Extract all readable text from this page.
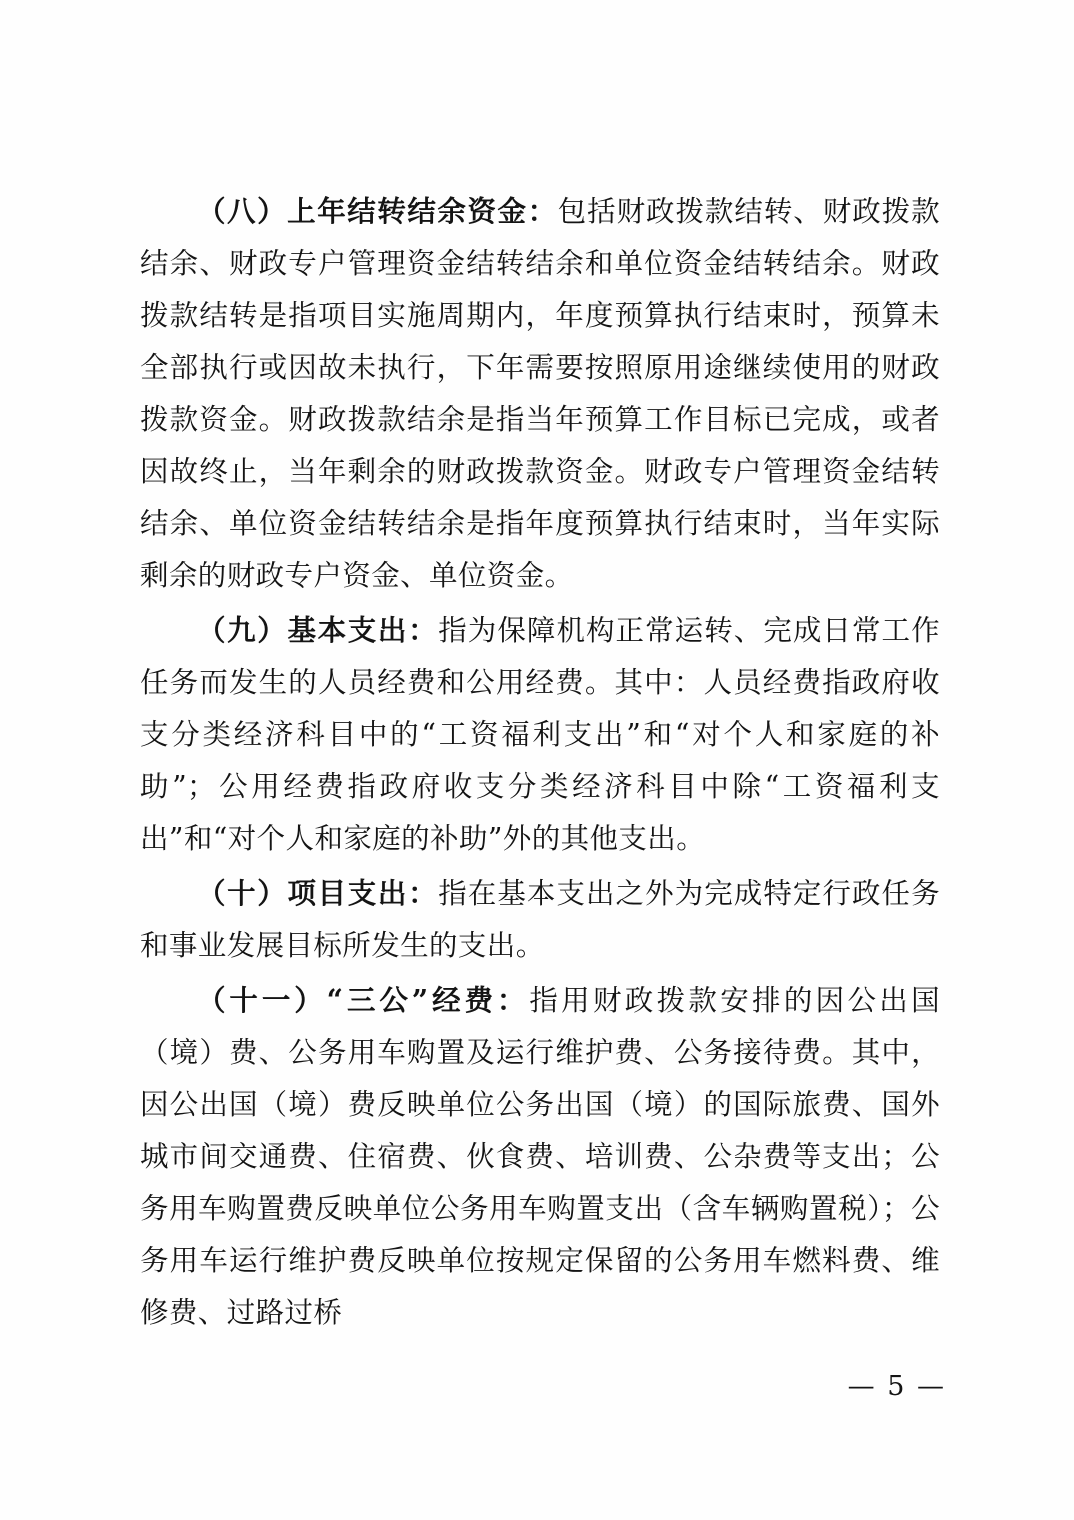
（八）上年结转结余资金：包括财政拨款结转、财政拨款结余、财政专户管理资金结转结余和单位资金结转结余。财政拨款结转是指项目实施周期内，年度预算执行结束时，预算未全部执行或因故未执行，下年需要按照原用途继续使用的财政拨款资金。财政拨款结余是指当年预算工作目标已完成，或者因故终止，当年剩余的财政拨款资金。财政专户管理资金结转结余、单位资金结转结余是指年度预算执行结束时，当年实际剩余的财政专户资金、单位资金。

（九）基本支出：指为保障机构正常运转、完成日常工作任务而发生的人员经费和公用经费。其中：人员经费指政府收支分类经济科目中的“工资福利支出”和“对个人和家庭的补助”；公用经费指政府收支分类经济科目中除“工资福利支出”和“对个人和家庭的补助”外的其他支出。

（十）项目支出：指在基本支出之外为完成特定行政任务和事业发展目标所发生的支出。

（十一）“三公”经费：指用财政拨款安排的因公出国（境）费、公务用车购置及运行维护费、公务接待费。其中，因公出国（境）费反映单位公务出国（境）的国际旅费、国外城市间交通费、住宿费、伙食费、培训费、公杂费等支出；公务用车购置费反映单位公务用车购置支出（含车辆购置税）；公务用车运行维护费反映单位按规定保留的公务用车燃料费、维修费、过路过桥

— 5 —
